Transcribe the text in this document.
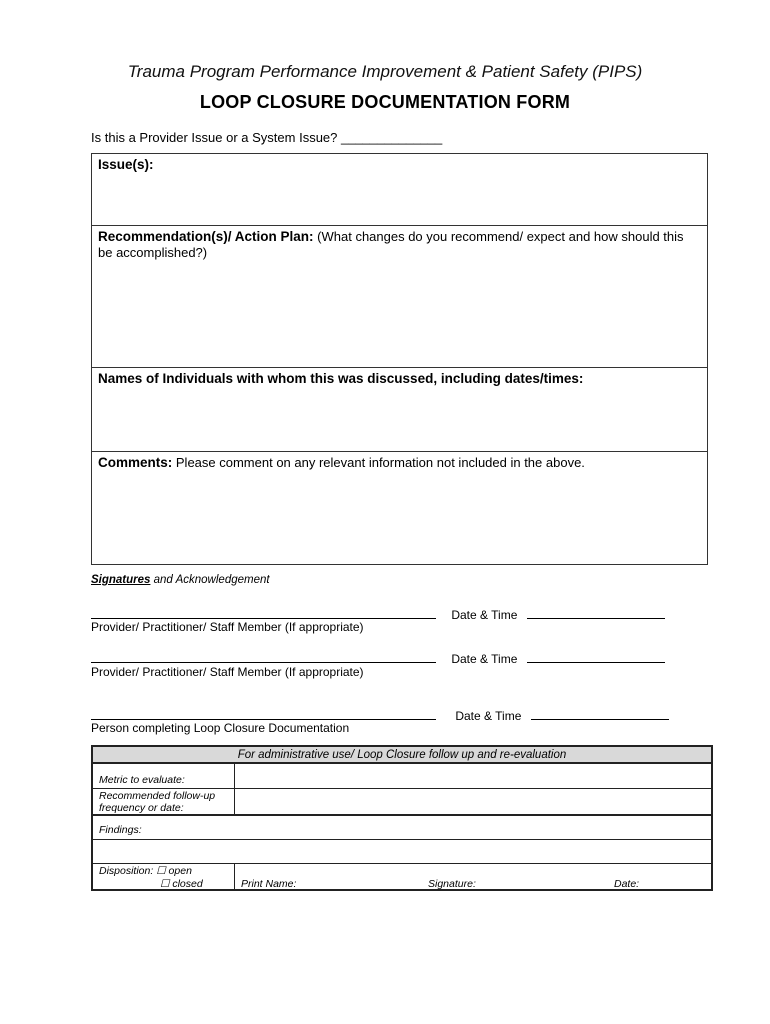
Trauma Program Performance Improvement & Patient Safety (PIPS)
LOOP CLOSURE DOCUMENTATION FORM
Is this a Provider Issue or a System Issue? ______________
Issue(s):
Recommendation(s)/ Action Plan: (What changes do you recommend/ expect and how should this be accomplished?)
Names of Individuals with whom this was discussed, including dates/times:
Comments: Please comment on any relevant information not included in the above.
Signatures and Acknowledgement
Date & Time
Provider/ Practitioner/ Staff Member (If appropriate)
Date & Time
Provider/ Practitioner/ Staff Member (If appropriate)
Date & Time
Person completing Loop Closure Documentation
For administrative use/ Loop Closure follow up and re-evaluation
Metric to evaluate:
Recommended follow-up
frequency or date:
Findings:
Disposition: ☐ open
☐ closed	Print Name:	Signature:	Date:
